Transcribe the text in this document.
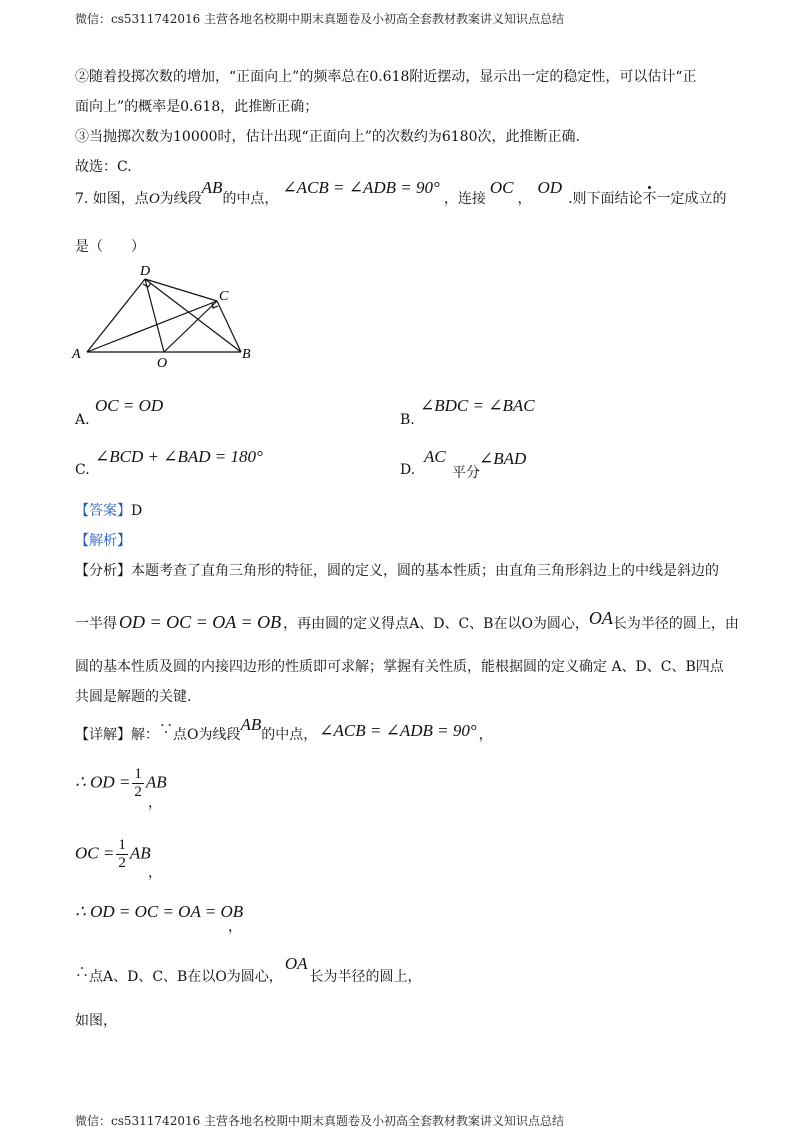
微信：cs5311742016 主营各地名校期中期末真题卷及小初高全套教材教案讲义知识点总结
②随着投掷次数的增加，“正面向上”的频率总在0.618附近摆动，显示出一定的稳定性，可以估计“正
面向上”的概率是0.618，此推断正确；
③当抛掷次数为10000时，估计出现“正面向上”的次数约为6180次，此推断正确.
故选：C.
7. 如图，点O为线段AB的中点，∠ACB = ∠ADB = 90°，连接OC，OD.则下面结论不一定成立的
是（　　）
A	B
C
D
O
A.
OC = OD
B.
∠BDC = ∠BAC
C.
∠BCD + ∠BAD = 180°
D.
AC
平分
∠BAD
【答案】D
【解析】
【分析】本题考查了直角三角形的特征，圆的定义，圆的基本性质；由直角三角形斜边上的中线是斜边的
一半得 OD = OC = OA = OB ，再由圆的定义得点A、D、C、B在以O为圆心，OA长为半径的圆上，由
圆的基本性质及圆的内接四边形的性质即可求解；掌握有关性质，能根据圆的定义确定 A、D、C、B四点
共圆是解题的关键.
【详解】解：∵点O为线段AB的中点， ∠ACB = ∠ADB = 90° ，
∴ OD = $\frac{1}{2}$ AB
，
OC = $\frac{1}{2}$ AB
，
∴ OD = OC = OA = OB
，
∴点A、D、C、B在以O为圆心，OA长为半径的圆上，
如图，
微信：cs5311742016 主营各地名校期中期末真题卷及小初高全套教材教案讲义知识点总结
